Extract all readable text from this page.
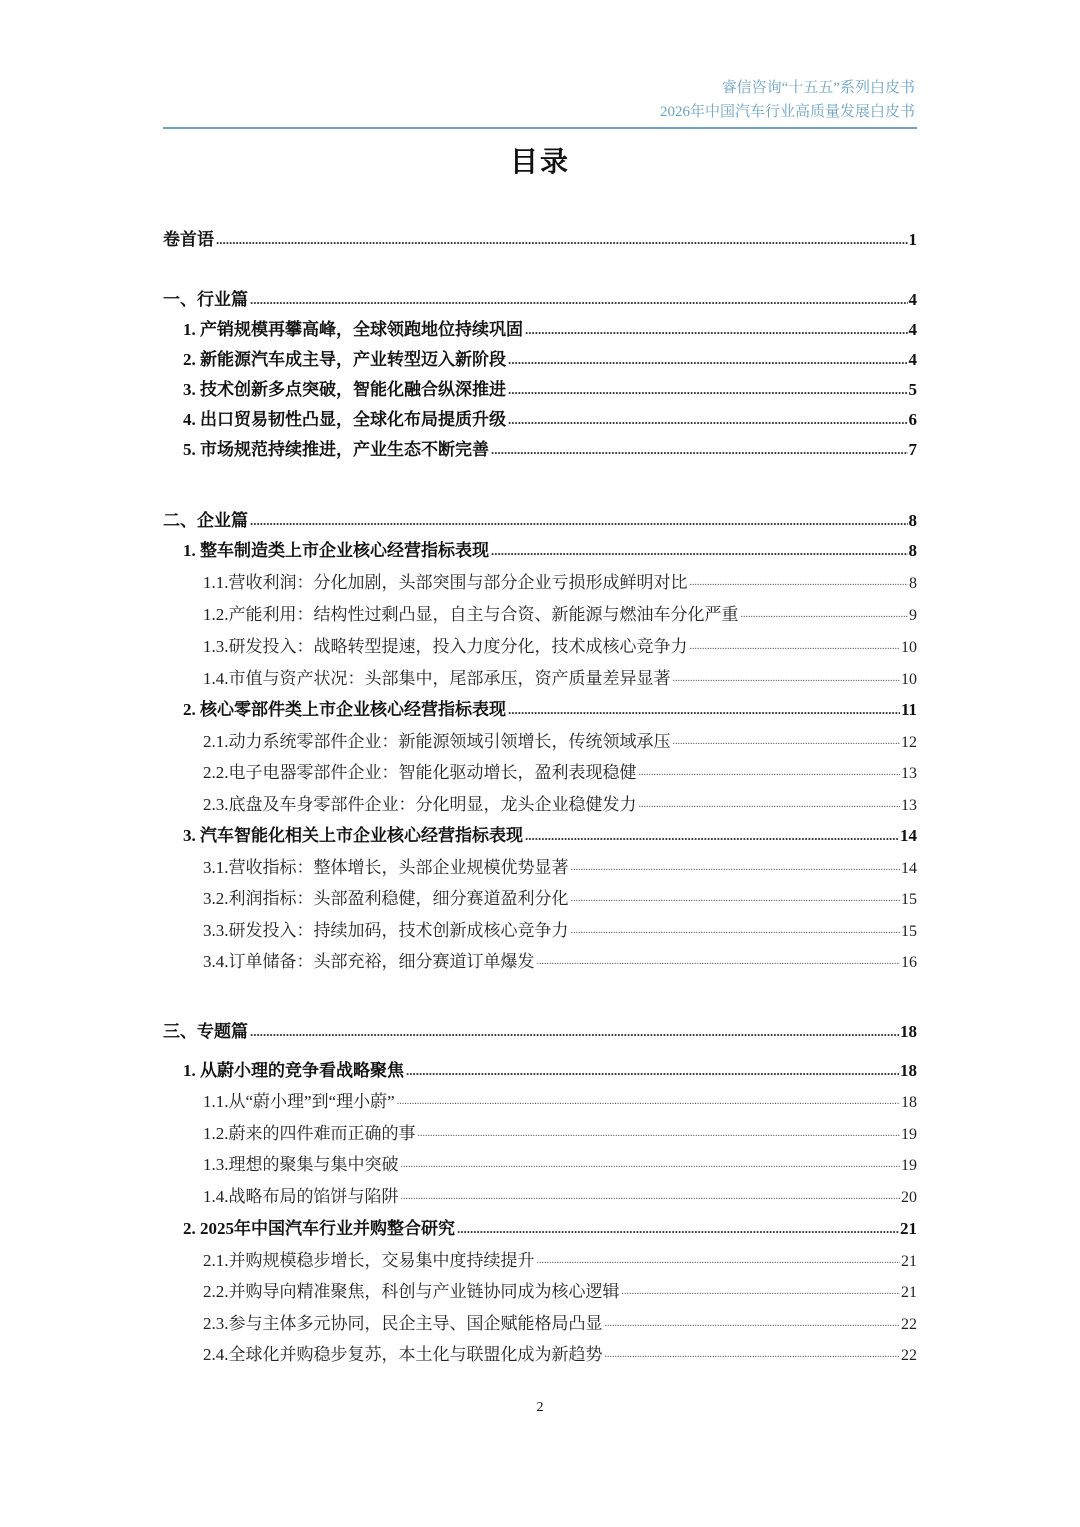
睿信咨询“十五五”系列白皮书
2026年中国汽车行业高质量发展白皮书
目录
卷首语 .....	1
一、行业篇 .....	4
1. 产销规模再攀高峰，全球领跑地位持续巩固 .....	4
2. 新能源汽车成主导，产业转型迈入新阶段 .....	4
3. 技术创新多点突破，智能化融合纵深推进 .....	5
4. 出口贸易韧性凸显，全球化布局提质升级 .....	6
5. 市场规范持续推进，产业生态不断完善 .....	7
二、企业篇 .....	8
1. 整车制造类上市企业核心经营指标表现 .....	8
1.1.营收利润：分化加剧，头部突围与部分企业亏损形成鲜明对比 .....	8
1.2.产能利用：结构性过剩凸显，自主与合资、新能源与燃油车分化严重 .....	9
1.3.研发投入：战略转型提速，投入力度分化，技术成核心竞争力 .....	10
1.4.市值与资产状况：头部集中，尾部承压，资产质量差异显著 .....	10
2. 核心零部件类上市企业核心经营指标表现 .....	11
2.1.动力系统零部件企业：新能源领域引领增长，传统领域承压 .....	12
2.2.电子电器零部件企业：智能化驱动增长，盈利表现稳健 .....	13
2.3.底盘及车身零部件企业：分化明显，龙头企业稳健发力 .....	13
3. 汽车智能化相关上市企业核心经营指标表现 .....	14
3.1.营收指标：整体增长，头部企业规模优势显著 .....	14
3.2.利润指标：头部盈利稳健，细分赛道盈利分化 .....	15
3.3.研发投入：持续加码，技术创新成核心竞争力 .....	15
3.4.订单储备：头部充裕，细分赛道订单爆发 .....	16
三、专题篇 .....	18
1. 从蔚小理的竞争看战略聚焦 .....	18
1.1.从“蔚小理”到“理小蔚” .....	18
1.2.蔚来的四件难而正确的事 .....	19
1.3.理想的聚集与集中突破 .....	19
1.4.战略布局的馅饼与陷阱 .....	20
2. 2025年中国汽车行业并购整合研究 .....	21
2.1.并购规模稳步增长，交易集中度持续提升 .....	21
2.2.并购导向精准聚焦，科创与产业链协同成为核心逻辑 .....	21
2.3.参与主体多元协同，民企主导、国企赋能格局凸显 .....	22
2.4.全球化并购稳步复苏，本土化与联盟化成为新趋势 .....	22
2
